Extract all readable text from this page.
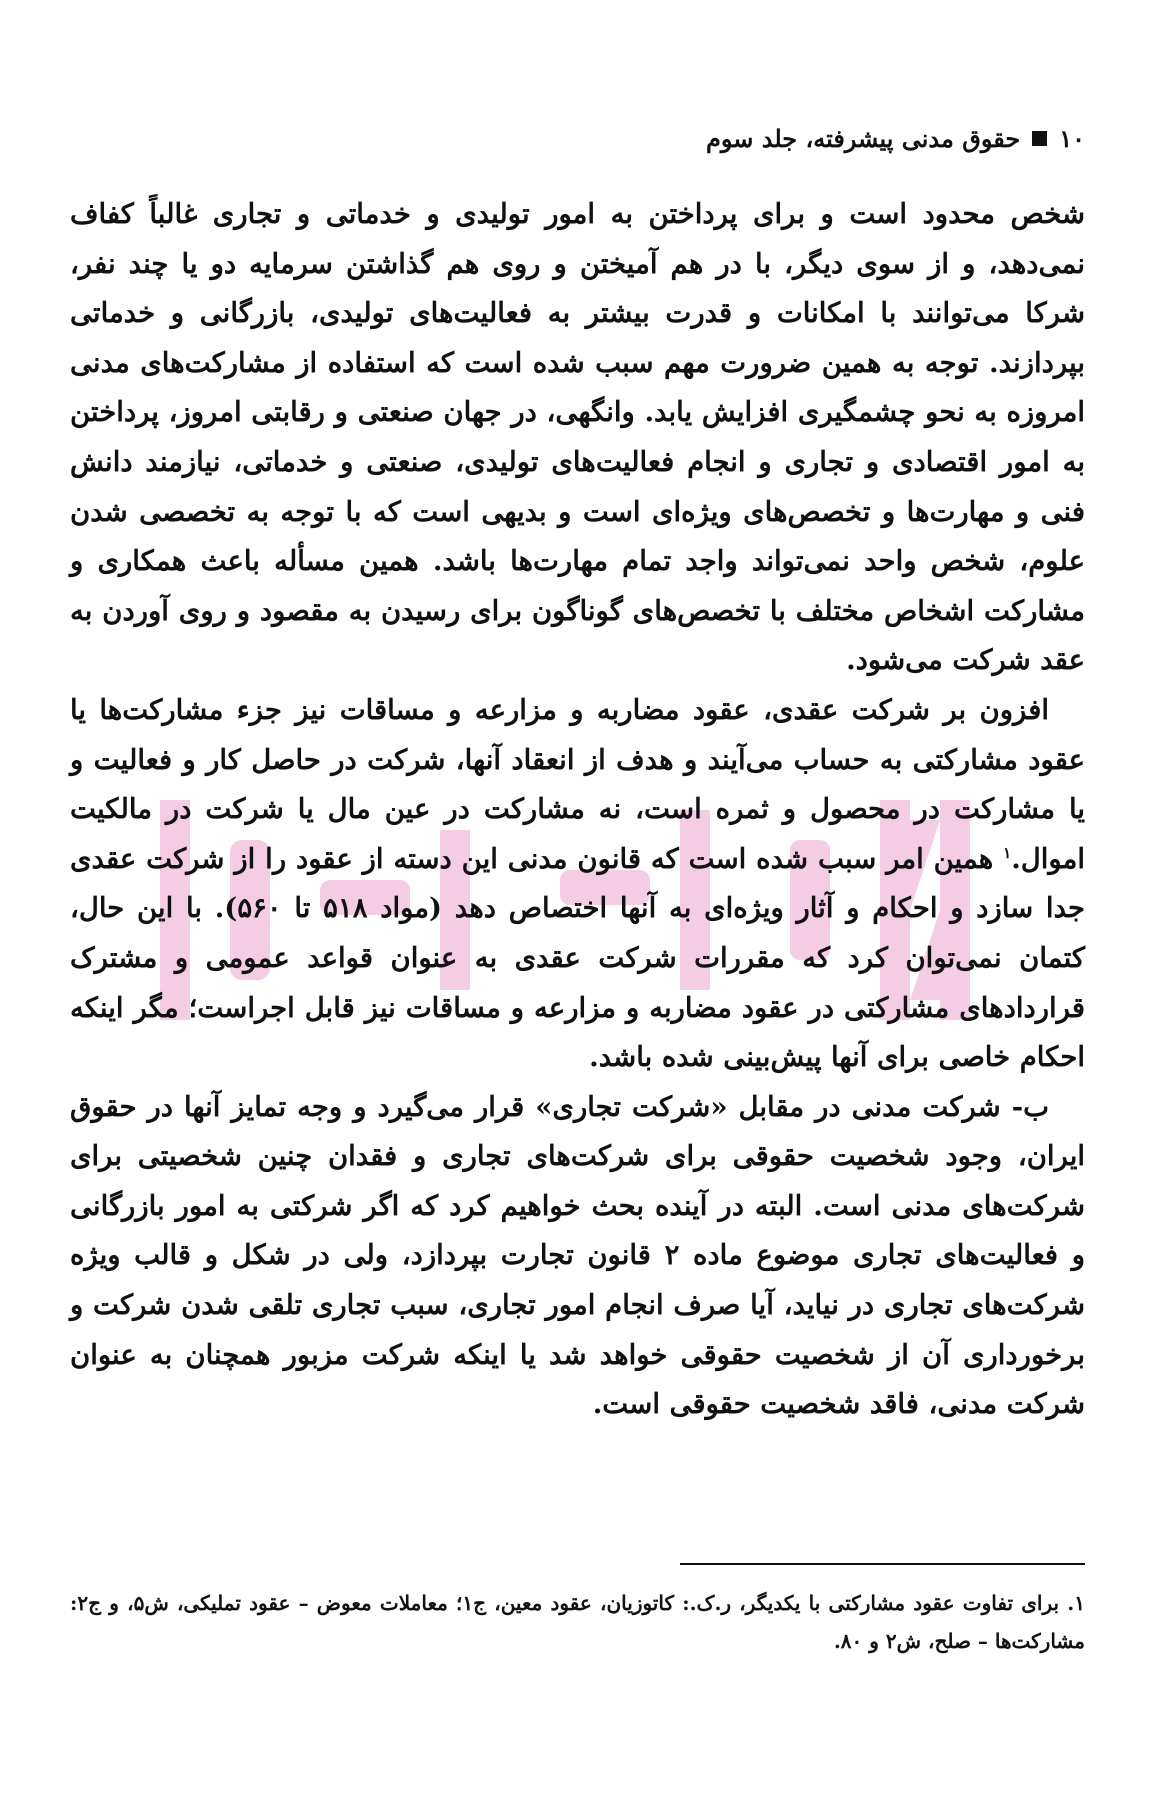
۱۰
حقوق مدنی پیشرفته، جلد سوم

شخص محدود است و برای پرداختن به امور تولیدی و خدماتی و تجاری غالباً کفاف نمی‌دهد، و از سوی دیگر، با در هم آمیختن و روی هم گذاشتن سرمایه دو یا چند نفر، شرکا می‌توانند با امکانات و قدرت بیشتر به فعالیت‌های تولیدی، بازرگانی و خدماتی بپردازند. توجه به همین ضرورت مهم سبب شده است که استفاده از مشارکت‌های مدنی امروزه به نحو چشمگیری افزایش یابد. وانگهی، در جهان صنعتی و رقابتی امروز، پرداختن به امور اقتصادی و تجاری و انجام فعالیت‌های تولیدی، صنعتی و خدماتی، نیازمند دانش فنی و مهارت‌ها و تخصص‌های ویژه‌ای است و بدیهی است که با توجه به تخصصی شدن علوم، شخص واحد نمی‌تواند واجد تمام مهارت‌ها باشد. همین مسأله باعث همکاری و مشارکت اشخاص مختلف با تخصص‌های گوناگون برای رسیدن به مقصود و روی آوردن به عقد شرکت می‌شود.

افزون بر شرکت عقدی، عقود مضاربه و مزارعه و مساقات نیز جزء مشارکت‌ها یا عقود مشارکتی به حساب می‌آیند و هدف از انعقاد آنها، شرکت در حاصل کار و فعالیت و یا مشارکت در محصول و ثمره است، نه مشارکت در عین مال یا شرکت در مالکیت اموال.$^۱$ همین امر سبب شده است که قانون مدنی این دسته از عقود را از شرکت عقدی جدا سازد و احکام و آثار ویژه‌ای به آنها اختصاص دهد (مواد ۵۱۸ تا ۵۶۰). با این حال، کتمان نمی‌توان کرد که مقررات شرکت عقدی به عنوان قواعد عمومی و مشترک قراردادهای مشارکتی در عقود مضاربه و مزارعه و مساقات نیز قابل اجراست؛ مگر اینکه احکام خاصی برای آنها پیش‌بینی شده باشد.

ب- شرکت مدنی در مقابل «شرکت تجاری» قرار می‌گیرد و وجه تمایز آنها در حقوق ایران، وجود شخصیت حقوقی برای شرکت‌های تجاری و فقدان چنین شخصیتی برای شرکت‌های مدنی است. البته در آینده بحث خواهیم کرد که اگر شرکتی به امور بازرگانی و فعالیت‌های تجاری موضوع ماده ۲ قانون تجارت بپردازد، ولی در شکل و قالب ویژه شرکت‌های تجاری در نیاید، آیا صرف انجام امور تجاری، سبب تجاری تلقی شدن شرکت و برخورداری آن از شخصیت حقوقی خواهد شد یا اینکه شرکت مزبور همچنان به عنوان شرکت مدنی، فاقد شخصیت حقوقی است.

۱. برای تفاوت عقود مشارکتی با یکدیگر، ر.ک.: کاتوزیان، عقود معین، ج۱؛ معاملات معوض – عقود تملیکی، ش۵، و ج۲: مشارکت‌ها – صلح، ش۲ و ۸۰.
